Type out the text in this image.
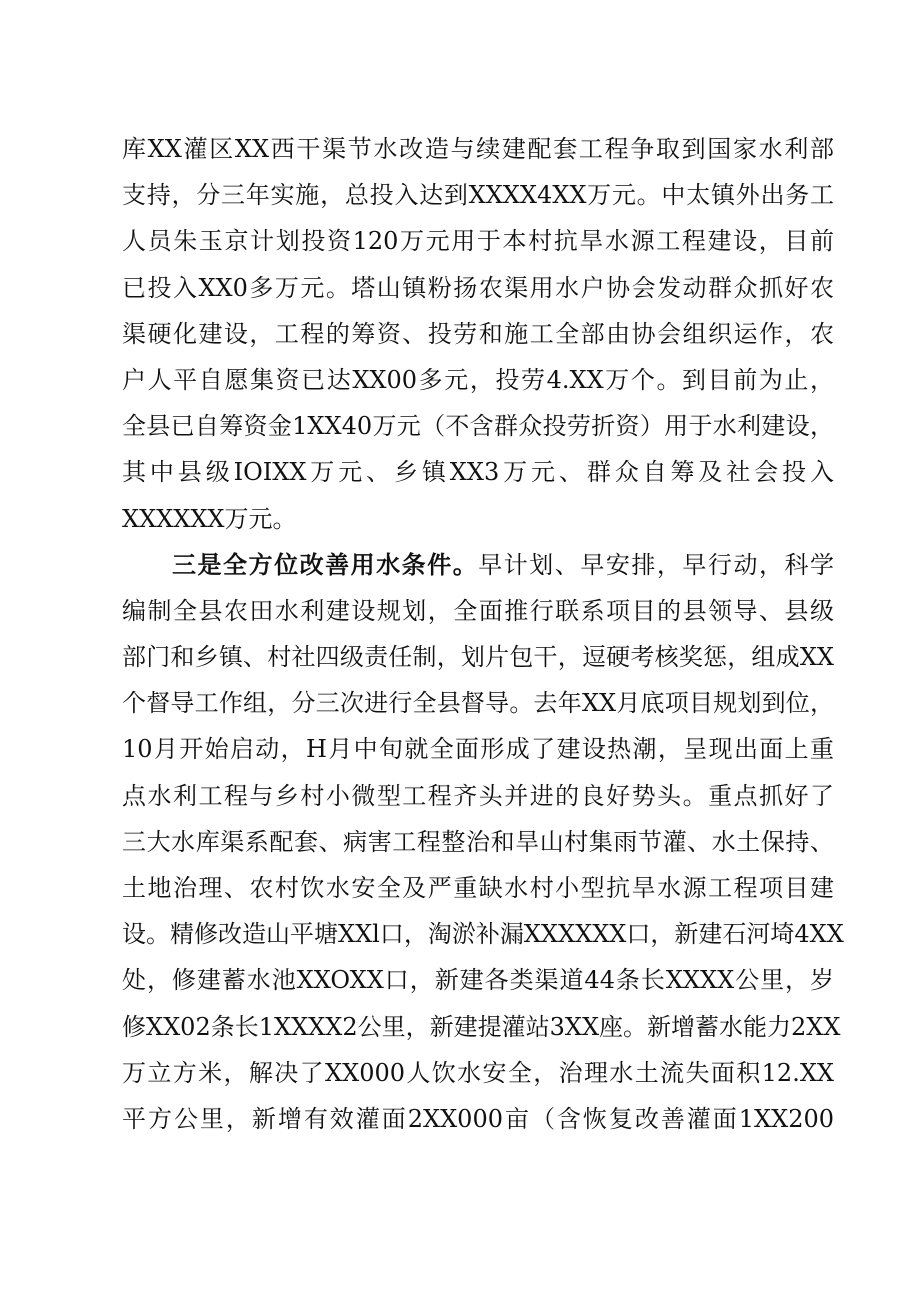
库XX灌区XX西干渠节水改造与续建配套工程争取到国家水利部
支持，分三年实施，总投入达到XXXX4XX万元。中太镇外出务工
人员朱玉京计划投资120万元用于本村抗旱水源工程建设，目前
已投入XX0多万元。塔山镇粉扬农渠用水户协会发动群众抓好农
渠硬化建设，工程的筹资、投劳和施工全部由协会组织运作，农
户人平自愿集资已达XX00多元，投劳4.XX万个。到目前为止，
全县已自筹资金1XX40万元（不含群众投劳折资）用于水利建设，
其中县级IOIXX万元、乡镇XX3万元、群众自筹及社会投入
XXXXXX万元。
三是全方位改善用水条件。早计划、早安排，早行动，科学
编制全县农田水利建设规划，全面推行联系项目的县领导、县级
部门和乡镇、村社四级责任制，划片包干，逗硬考核奖惩，组成XX
个督导工作组，分三次进行全县督导。去年XX月底项目规划到位，
10月开始启动，H月中旬就全面形成了建设热潮，呈现出面上重
点水利工程与乡村小微型工程齐头并进的良好势头。重点抓好了
三大水库渠系配套、病害工程整治和旱山村集雨节灌、水土保持、
土地治理、农村饮水安全及严重缺水村小型抗旱水源工程项目建
设。精修改造山平塘XXl口，淘淤补漏XXXXXX口，新建石河埼4XX
处，修建蓄水池XXOXX口，新建各类渠道44条长XXXX公里，岁
修XX02条长1XXXX2公里，新建提灌站3XX座。新增蓄水能力2XX
万立方米，解决了XX000人饮水安全，治理水土流失面积12.XX
平方公里，新增有效灌面2XX000亩（含恢复改善灌面1XX200
